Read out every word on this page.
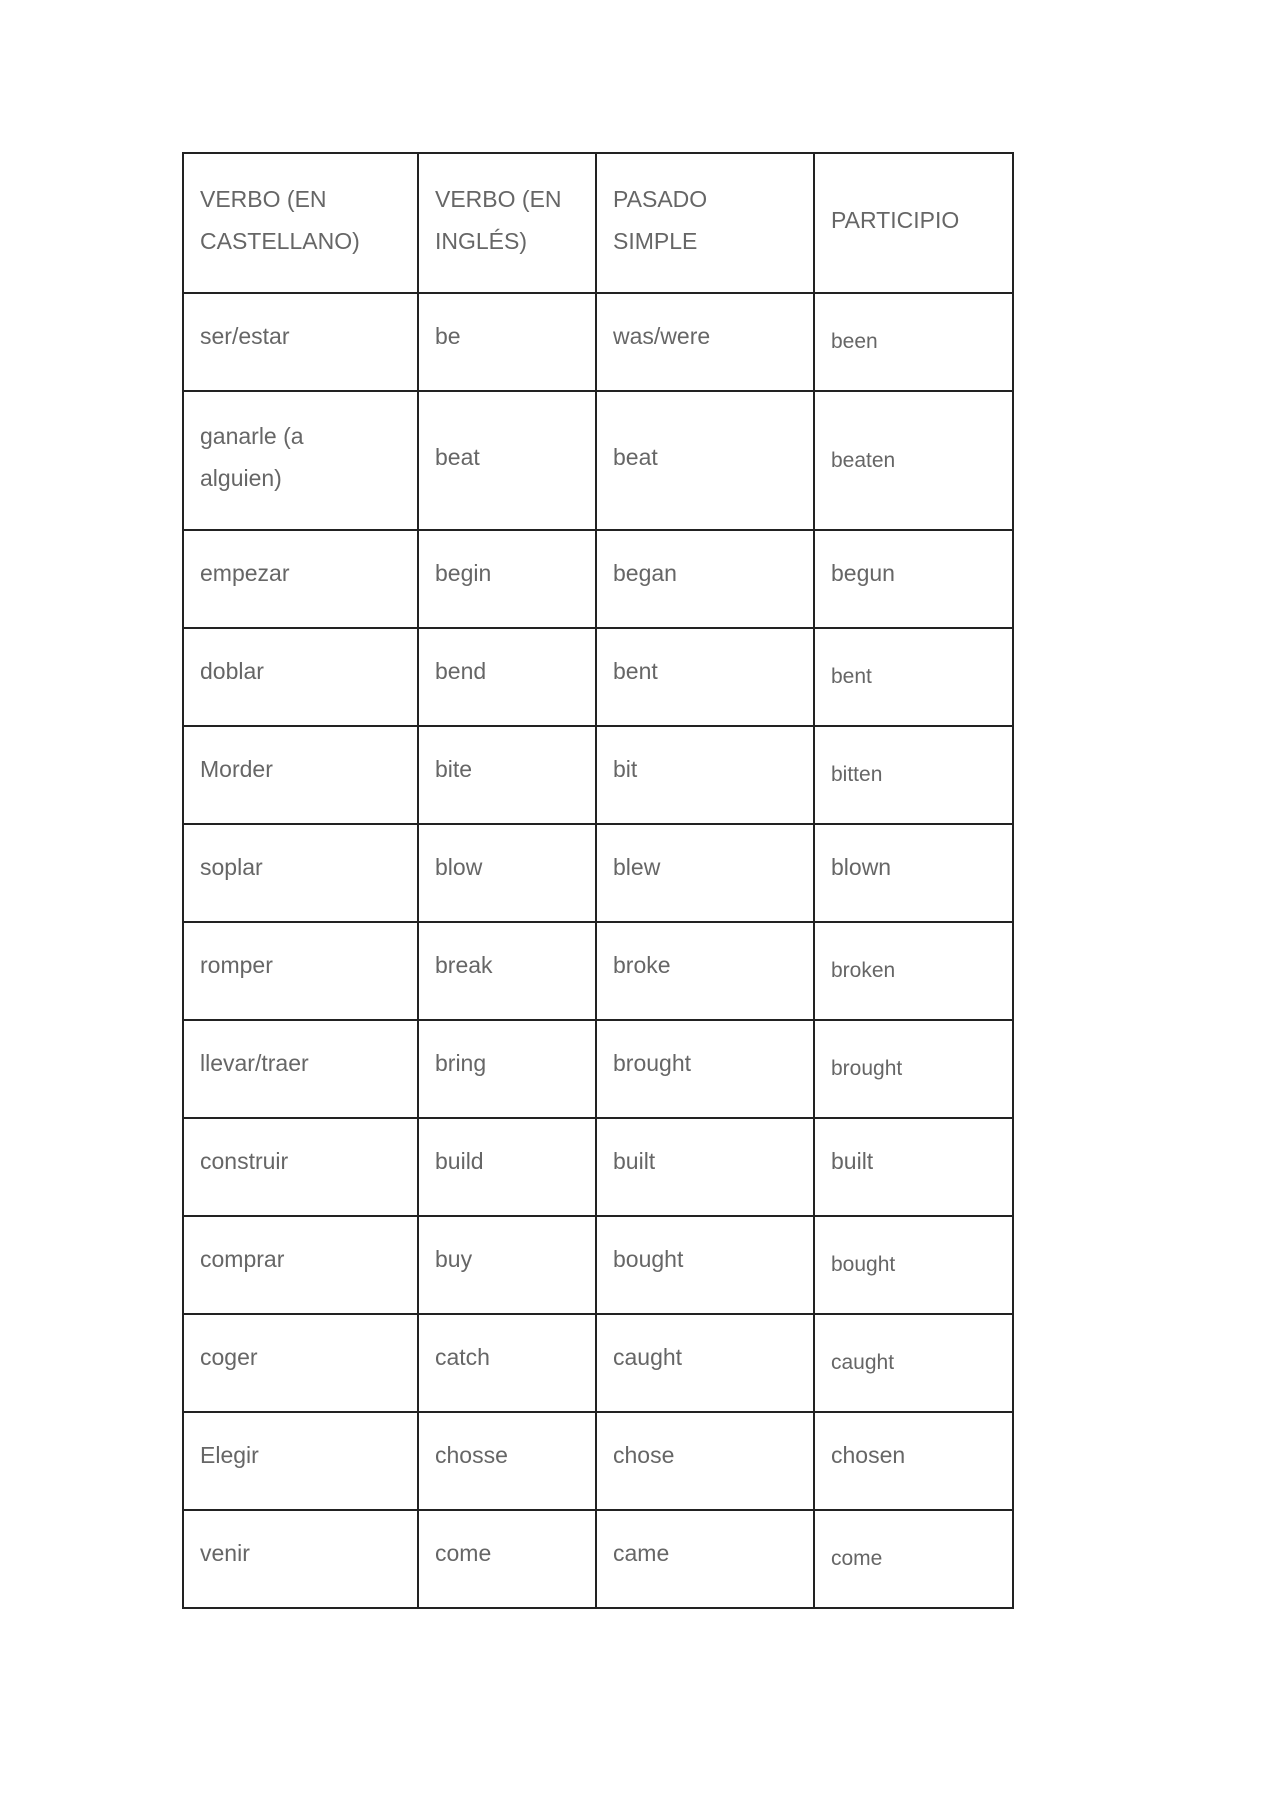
VERBO (EN CASTELLANO)	VERBO (EN INGLÉS)	PASADO SIMPLE	PARTICIPIO

ser/estar	be	was/were	been

ganarle (a alguien)	beat	beat	beaten

empezar	begin	began	begun

doblar	bend	bent	bent

Morder	bite	bit	bitten

soplar	blow	blew	blown

romper	break	broke	broken

llevar/traer	bring	brought	brought

construir	build	built	built

comprar	buy	bought	bought

coger	catch	caught	caught

Elegir	chosse	chose	chosen

venir	come	came	come
